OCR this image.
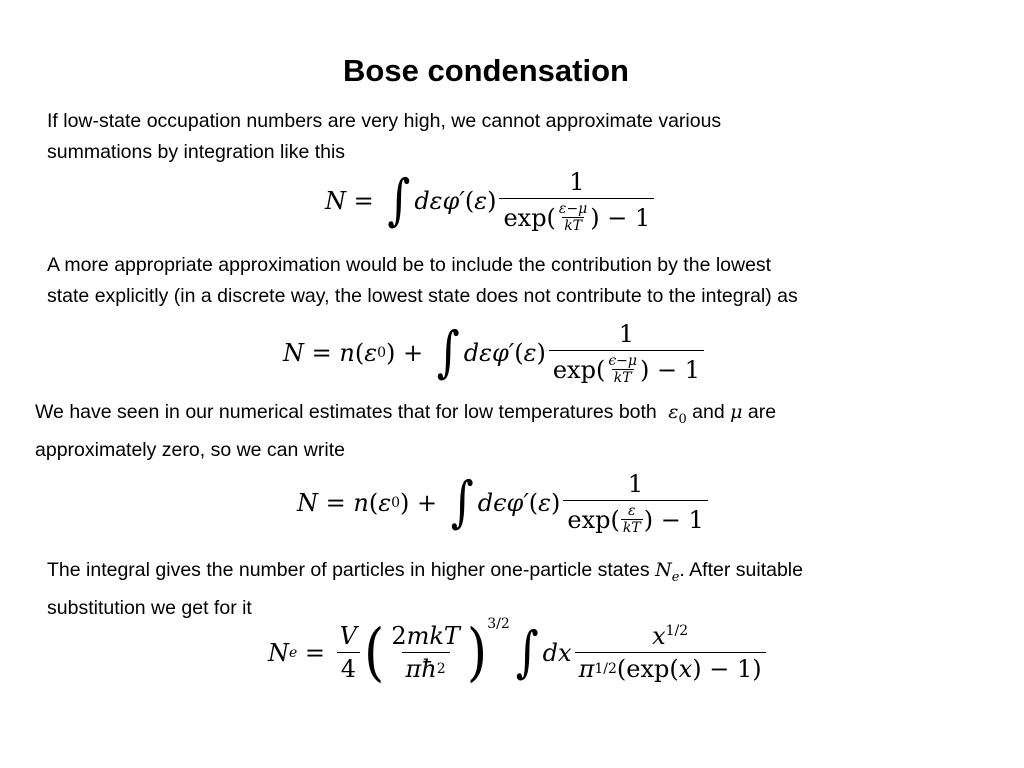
Bose condensation
If low-state occupation numbers are very high, we cannot approximate various
summations by integration like this
N = ∫ dεφ′ ( ε ) $\frac{1}{\exp( \frac{\varepsilon-\mu}{kT} ) - 1}$
A more appropriate approximation would be to include the contribution by the lowest
state explicitly (in a discrete way, the lowest state does not contribute to the integral) as
N = n ( ε 0 ) + ∫ dεφ′ ( ε ) $\frac{1}{\exp( \frac{\epsilon-\mu}{kT} ) - 1}$
We have seen in our numerical estimates that for low temperatures both  $\varepsilon_0$ and μ are
approximately zero, so we can write
N = n ( ε 0 ) + ∫ dϵφ′ ( ε ) $\frac{1}{\exp( \frac{\varepsilon}{kT} ) - 1}$
The integral gives the number of particles in higher one-particle states $N_e$. After suitable
substitution we get for it
N $e = \frac{V}{4}$ ( $\frac{\text{2mkT}}{\pi ħ 2} )^{3/2}$ ∫ dx $\frac{x^{1/2}}{\pi 1/2 (\exp( x ) - 1)}$
